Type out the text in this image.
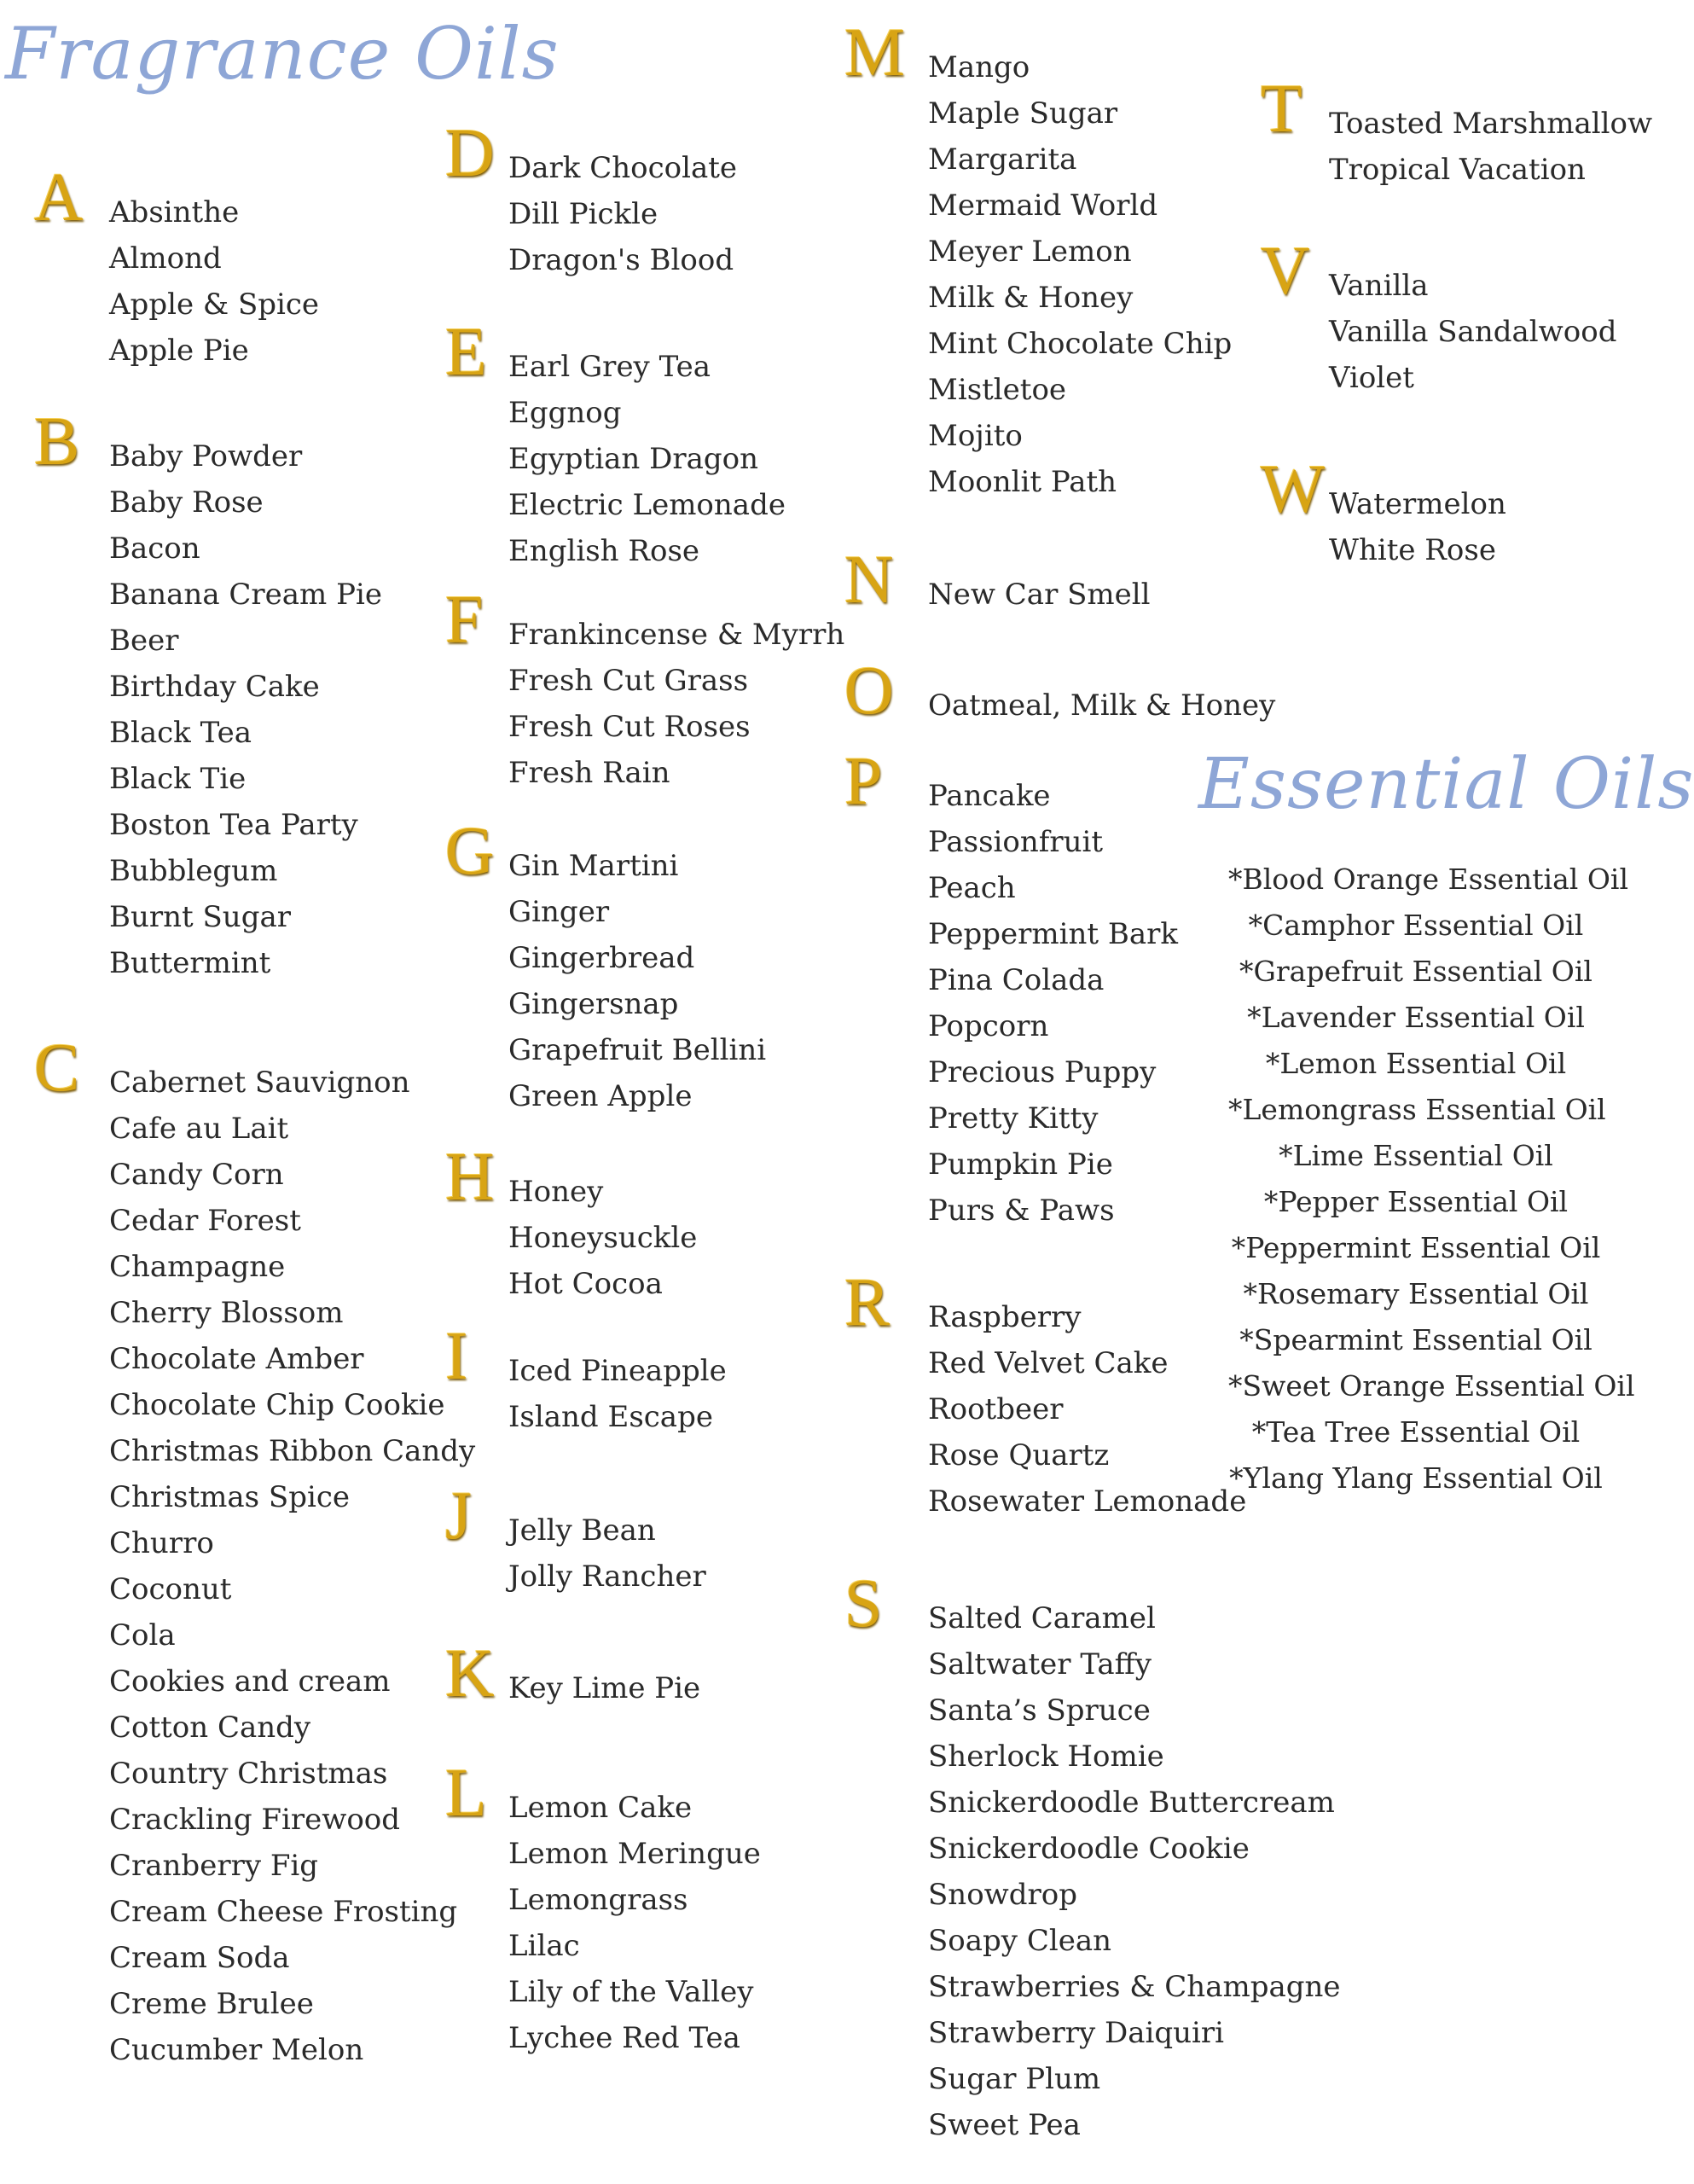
Fragrance Oils
Essential Oils
A Absinthe
Almond
Apple & Spice
Apple Pie
B Baby Powder
Baby Rose
Bacon
Banana Cream Pie
Beer
Birthday Cake
Black Tea
Black Tie
Boston Tea Party
Bubblegum
Burnt Sugar
Buttermint
C Cabernet Sauvignon
Cafe au Lait
Candy Corn
Cedar Forest
Champagne
Cherry Blossom
Chocolate Amber
Chocolate Chip Cookie
Christmas Ribbon Candy
Christmas Spice
Churro
Coconut
Cola
Cookies and cream
Cotton Candy
Country Christmas
Crackling Firewood
Cranberry Fig
Cream Cheese Frosting
Cream Soda
Creme Brulee
Cucumber Melon
D Dark Chocolate
Dill Pickle
Dragon's Blood
E Earl Grey Tea
Eggnog
Egyptian Dragon
Electric Lemonade
English Rose
F Frankincense & Myrrh
Fresh Cut Grass
Fresh Cut Roses
Fresh Rain
G Gin Martini
Ginger
Gingerbread
Gingersnap
Grapefruit Bellini
Green Apple
H Honey
Honeysuckle
Hot Cocoa
I Iced Pineapple
Island Escape
J Jelly Bean
Jolly Rancher
K Key Lime Pie
L Lemon Cake
Lemon Meringue
Lemongrass
Lilac
Lily of the Valley
Lychee Red Tea
M Mango
Maple Sugar
Margarita
Mermaid World
Meyer Lemon
Milk & Honey
Mint Chocolate Chip
Mistletoe
Mojito
Moonlit Path
N New Car Smell
O Oatmeal, Milk & Honey
P Pancake
Passionfruit
Peach
Peppermint Bark
Pina Colada
Popcorn
Precious Puppy
Pretty Kitty
Pumpkin Pie
Purs & Paws
R Raspberry
Red Velvet Cake
Rootbeer
Rose Quartz
Rosewater Lemonade
S Salted Caramel
Saltwater Taffy
Santa’s Spruce
Sherlock Homie
Snickerdoodle Buttercream
Snickerdoodle Cookie
Snowdrop
Soapy Clean
Strawberries & Champagne
Strawberry Daiquiri
Sugar Plum
Sweet Pea
T Toasted Marshmallow
Tropical Vacation
V Vanilla
Vanilla Sandalwood
Violet
W Watermelon
White Rose
*Blood Orange Essential Oil
*Camphor Essential Oil
*Grapefruit Essential Oil
*Lavender Essential Oil
*Lemon Essential Oil
*Lemongrass Essential Oil
*Lime Essential Oil
*Pepper Essential Oil
*Peppermint Essential Oil
*Rosemary Essential Oil
*Spearmint Essential Oil
*Sweet Orange Essential Oil
*Tea Tree Essential Oil
*Ylang Ylang Essential Oil
